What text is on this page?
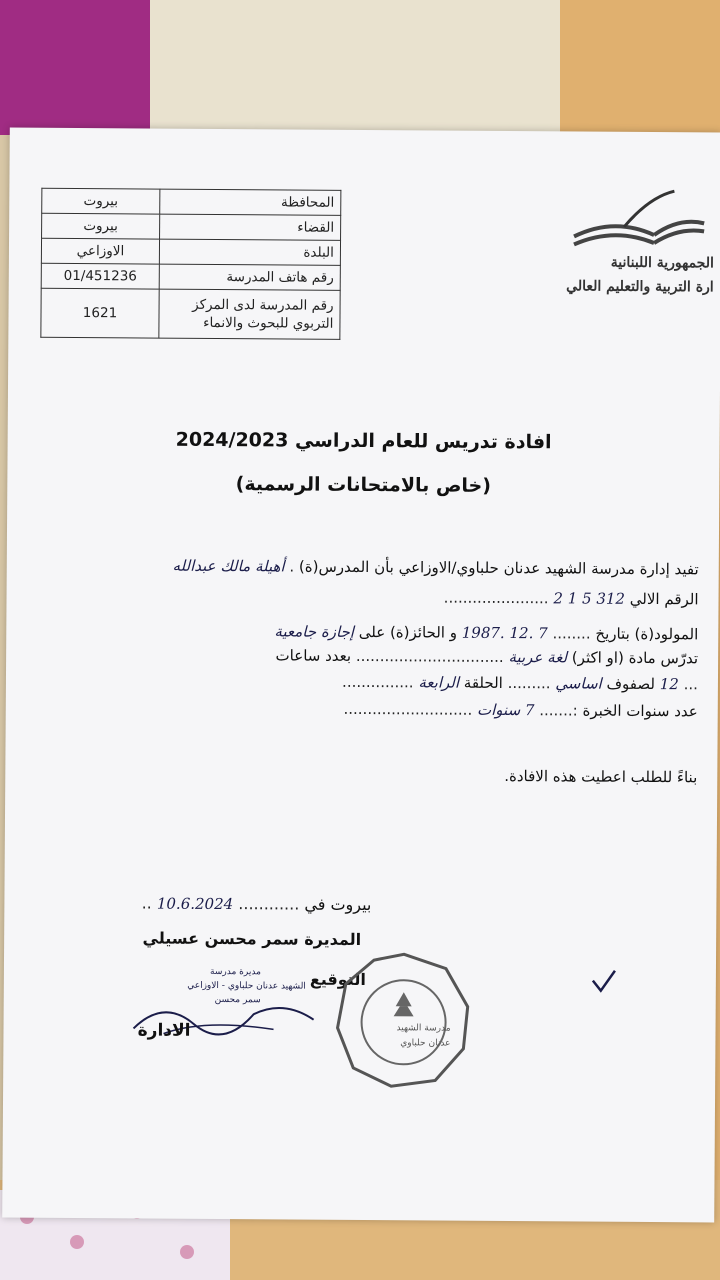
المحافظة	بيروت
القضاء	بيروت
البلدة	الاوزاعي
رقم هاتف المدرسة	01/451236
رقم المدرسة لدى المركز التربوي للبحوث والانماء	1621
الجمهورية اللبنانية
ارة التربية والتعليم العالي
افادة تدريس للعام الدراسي 2024/2023
(خاص بالامتحانات الرسمية)
تفيد إدارة مدرسة الشهيد عدنان حلباوي/الاوزاعي بأن المدرس(ة) . أهيلة مالك عبدالله
الرقم الالي 312 5 1 2 ......................
المولود(ة) بتاريخ ........ 7 .12 .1987 و الحائز(ة) على إجازة جامعية
تدرّس مادة (او اكثر) لغة عربية ............................... بعدد ساعات
... 12 لصفوف اساسي ......... الحلقة الرابعة ...............
عدد سنوات الخبرة :....... 7 سنوات ...........................
بناءً للطلب اعطيت هذه الافادة.
بيروت في ............ 10.6.2024 ..
المديرة سمر محسن عسيلي
التوقيع
مديرة مدرسة
الشهيد عدنان حلباوي - الاوزاعي
سمر محسن
الادارة	مدرسة الشهيد
عدنان حلباوي
